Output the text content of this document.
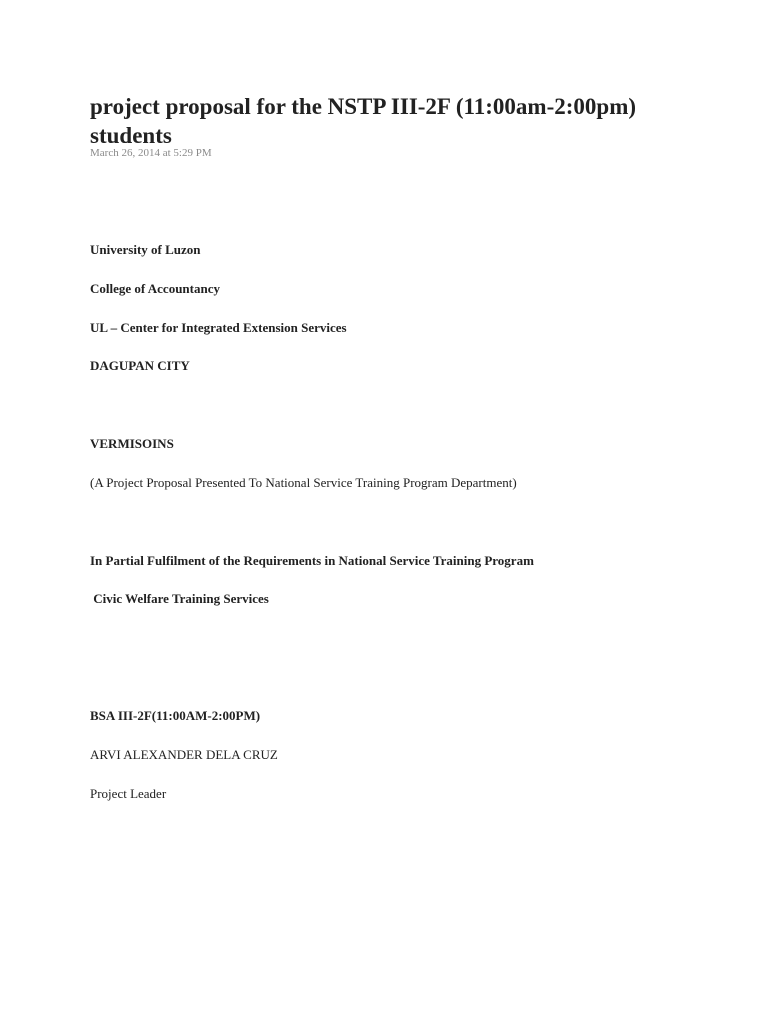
project proposal for the NSTP III-2F (11:00am-2:00pm) students

March 26, 2014 at 5:29 PM

University of Luzon

College of Accountancy

UL – Center for Integrated Extension Services

DAGUPAN CITY

VERMISOINS

(A Project Proposal Presented To National Service Training Program Department)

In Partial Fulfilment of the Requirements in National Service Training Program

Civic Welfare Training Services

BSA III-2F(11:00AM-2:00PM)

ARVI ALEXANDER DELA CRUZ

Project Leader
